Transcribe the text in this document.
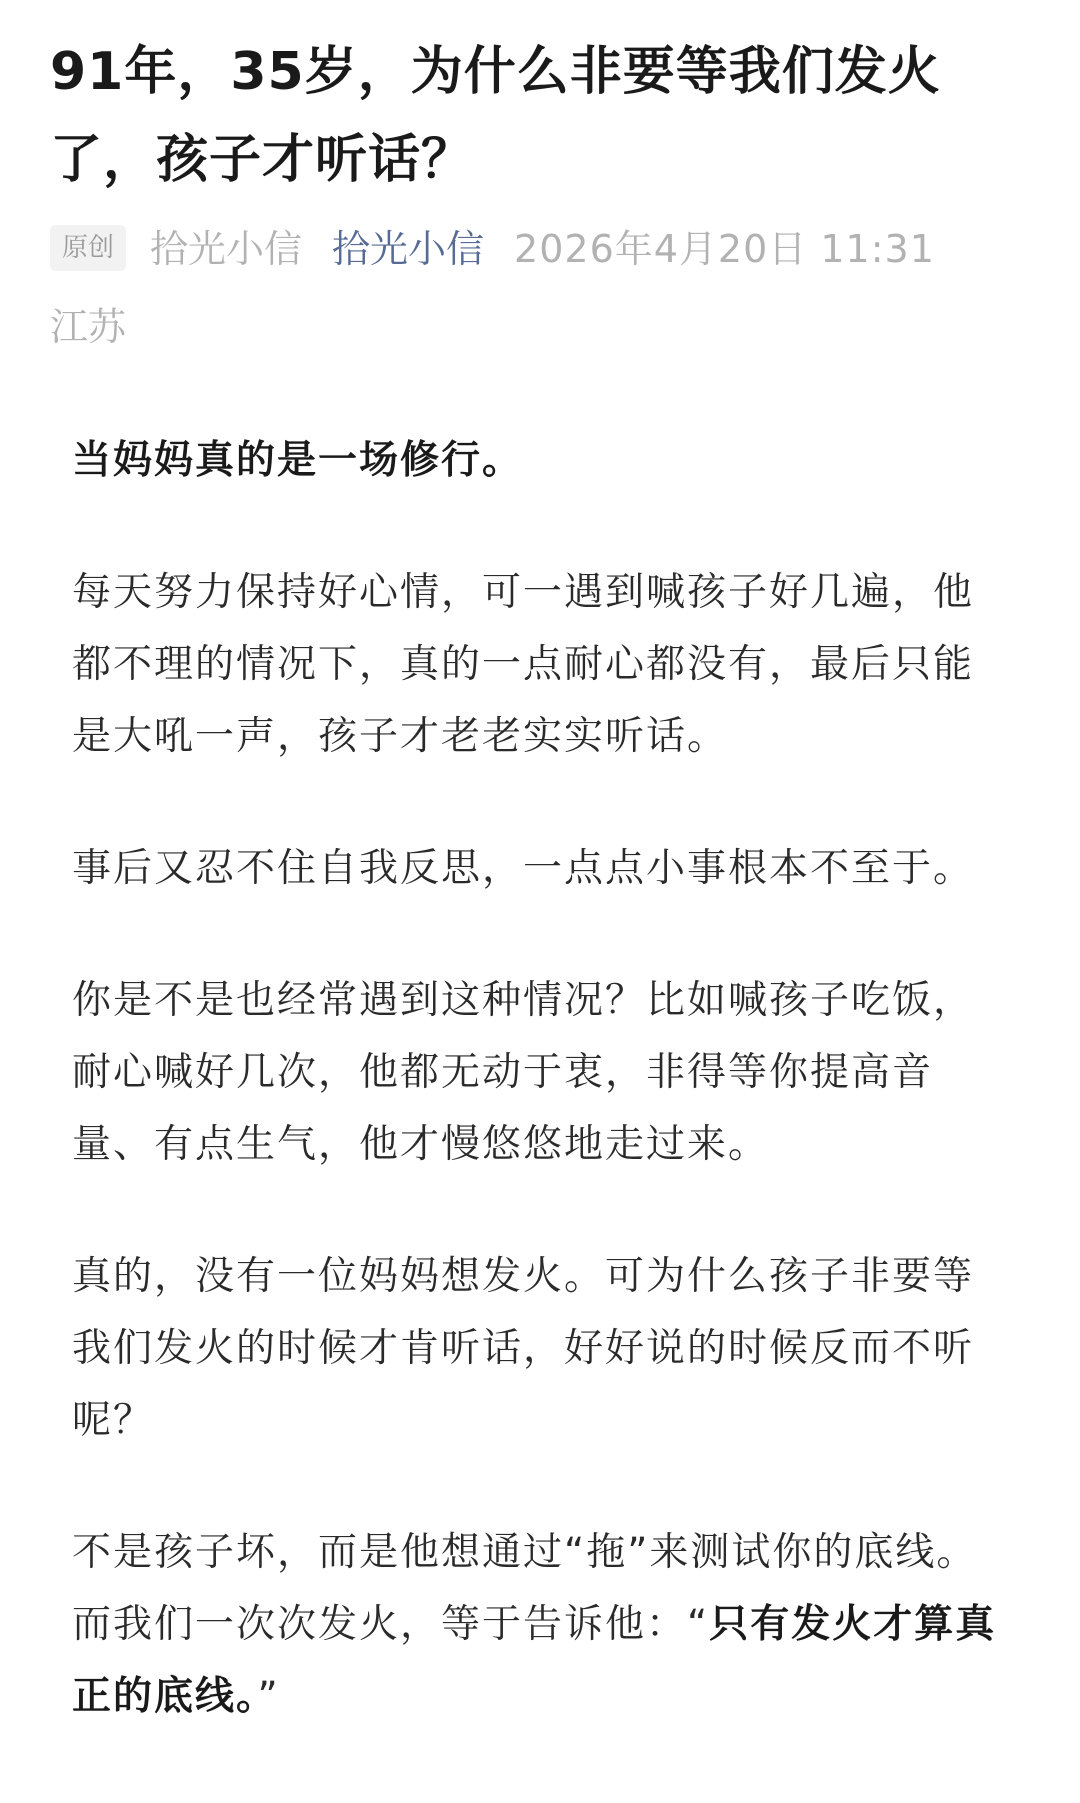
91年，35岁，为什么非要等我们发火了，孩子才听话？
原创 拾光小信 拾光小信 2026年4月20日 11:31 江苏

当妈妈真的是一场修行。

每天努力保持好心情，可一遇到喊孩子好几遍，他都不理的情况下，真的一点耐心都没有，最后只能是大吼一声，孩子才老老实实听话。

事后又忍不住自我反思，一点点小事根本不至于。

你是不是也经常遇到这种情况？比如喊孩子吃饭，耐心喊好几次，他都无动于衷，非得等你提高音量、有点生气，他才慢悠悠地走过来。

真的，没有一位妈妈想发火。可为什么孩子非要等我们发火的时候才肯听话，好好说的时候反而不听呢？

不是孩子坏，而是他想通过“拖”来测试你的底线。而我们一次次发火，等于告诉他：“只有发火才算真正的底线。”
